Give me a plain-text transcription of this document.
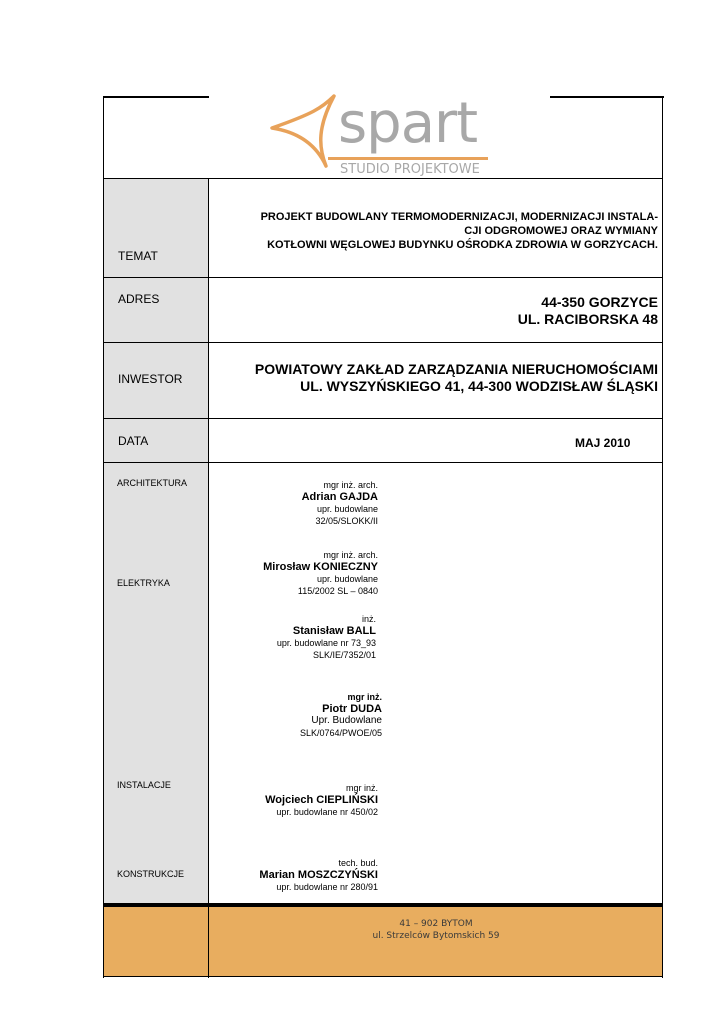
spart
STUDIO PROJEKTOWE
TEMAT
PROJEKT BUDOWLANY TERMOMODERNIZACJI, MODERNIZACJI INSTALA-
CJI ODGROMOWEJ ORAZ WYMIANY
KOTŁOWNI WĘGLOWEJ BUDYNKU OŚRODKA ZDROWIA W GORZYCACH.
ADRES	44-350 GORZYCE
UL. RACIBORSKA 48
INWESTOR
POWIATOWY ZAKŁAD ZARZĄDZANIA NIERUCHOMOŚCIAMI
UL. WYSZYŃSKIEGO 41, 44-300 WODZISŁAW ŚLĄSKI
DATA	MAJ 2010
ARCHITEKTURA
ELEKTRYKA
INSTALACJE
KONSTRUKCJE
mgr inż. arch.
Adrian GAJDA
upr. budowlane
32/05/SLOKK/II
mgr inż. arch.
Mirosław KONIECZNY
upr. budowlane
115/2002 SL – 0840
inż.
Stanisław BALL
upr. budowlane nr 73_93
SLK/IE/7352/01
mgr inż.
Piotr DUDA
Upr. Budowlane
SLK/0764/PWOE/05
mgr inż.
Wojciech CIEPLIŃSKI
upr. budowlane nr 450/02
tech. bud.
Marian MOSZCZYŃSKI
upr. budowlane nr 280/91
41 – 902 BYTOM
ul. Strzelców Bytomskich 59
